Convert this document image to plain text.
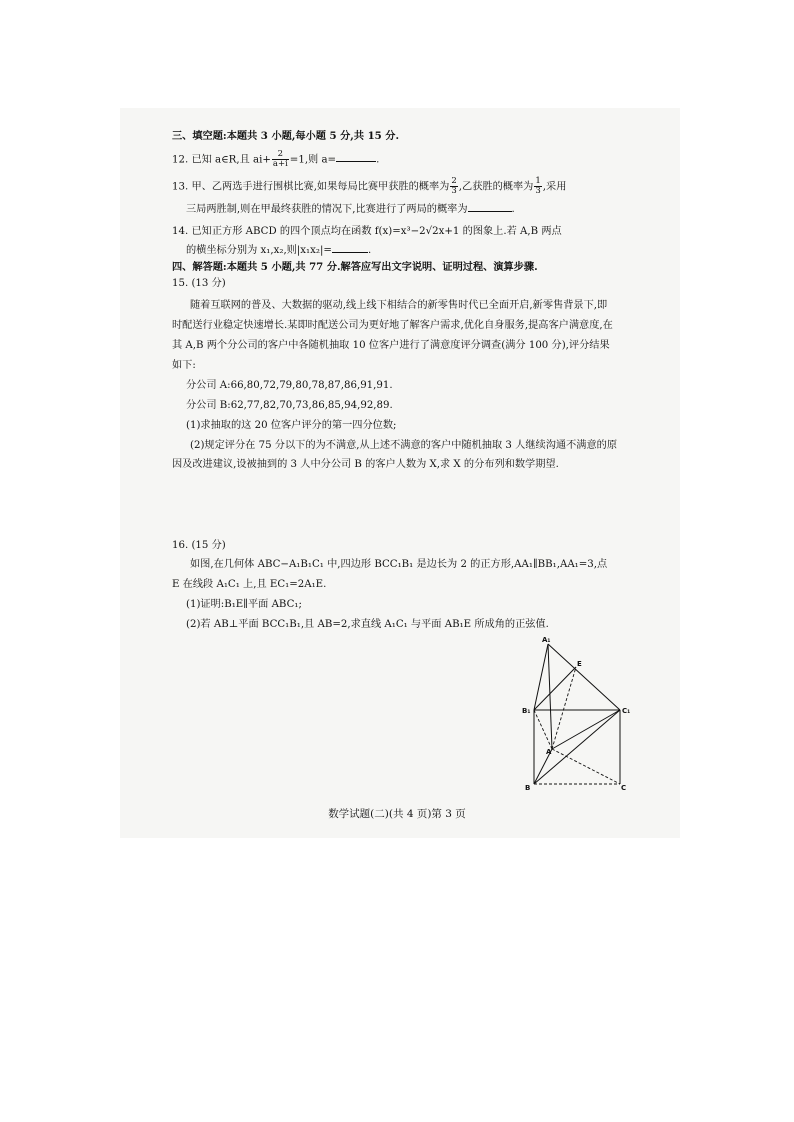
三、填空题:本题共 3 小题,每小题 5 分,共 15 分.
12. 已知 a∈R,且 $ai+ \frac{2}{a+i} =1$,则 a=	.
13. 甲、乙两选手进行围棋比赛,如果每局比赛甲获胜的概率为 $\frac{2}{3}$ ,乙获胜的概率为 $\frac{1}{3}$ ,采用
三局两胜制,则在甲最终获胜的情况下,比赛进行了两局的概率为	.
14. 已知正方形 ABCD 的四个顶点均在函数 f(x)=x³−2√2x+1 的图象上.若 A,B 两点
的横坐标分别为 x₁,x₂,则|x₁x₂|=	.
四、解答题:本题共 5 小题,共 77 分.解答应写出文字说明、证明过程、演算步骤.
15. (13 分)
随着互联网的普及、大数据的驱动,线上线下相结合的新零售时代已全面开启,新零售背景下,即时配送行业稳定快速增长.某即时配送公司为更好地了解客户需求,优化自身服务,提高客户满意度,在其 A,B 两个分公司的客户中各随机抽取 10 位客户进行了满意度评分调查(满分 100 分),评分结果如下:
分公司 A:66,80,72,79,80,78,87,86,91,91.
分公司 B:62,77,82,70,73,86,85,94,92,89.
(1)求抽取的这 20 位客户评分的第一四分位数;
(2)规定评分在 75 分以下的为不满意,从上述不满意的客户中随机抽取 3 人继续沟通不满意的原因及改进建议,设被抽到的 3 人中分公司 B 的客户人数为 X,求 X 的分布列和数学期望.
16. (15 分)
如图,在几何体 ABC−A₁B₁C₁ 中,四边形 BCC₁B₁ 是边长为 2 的正方形,AA₁∥BB₁,AA₁=3,点 E 在线段 A₁C₁ 上,且 EC₁=2A₁E.
(1)证明:B₁E∥平面 ABC₁;
(2)若 AB⊥平面 BCC₁B₁,且 AB=2,求直线 A₁C₁ 与平面 AB₁E 所成角的正弦值.
A₁
E
B₁	C₁
A
B	C
数学试题(二)(共 4 页)第 3 页
